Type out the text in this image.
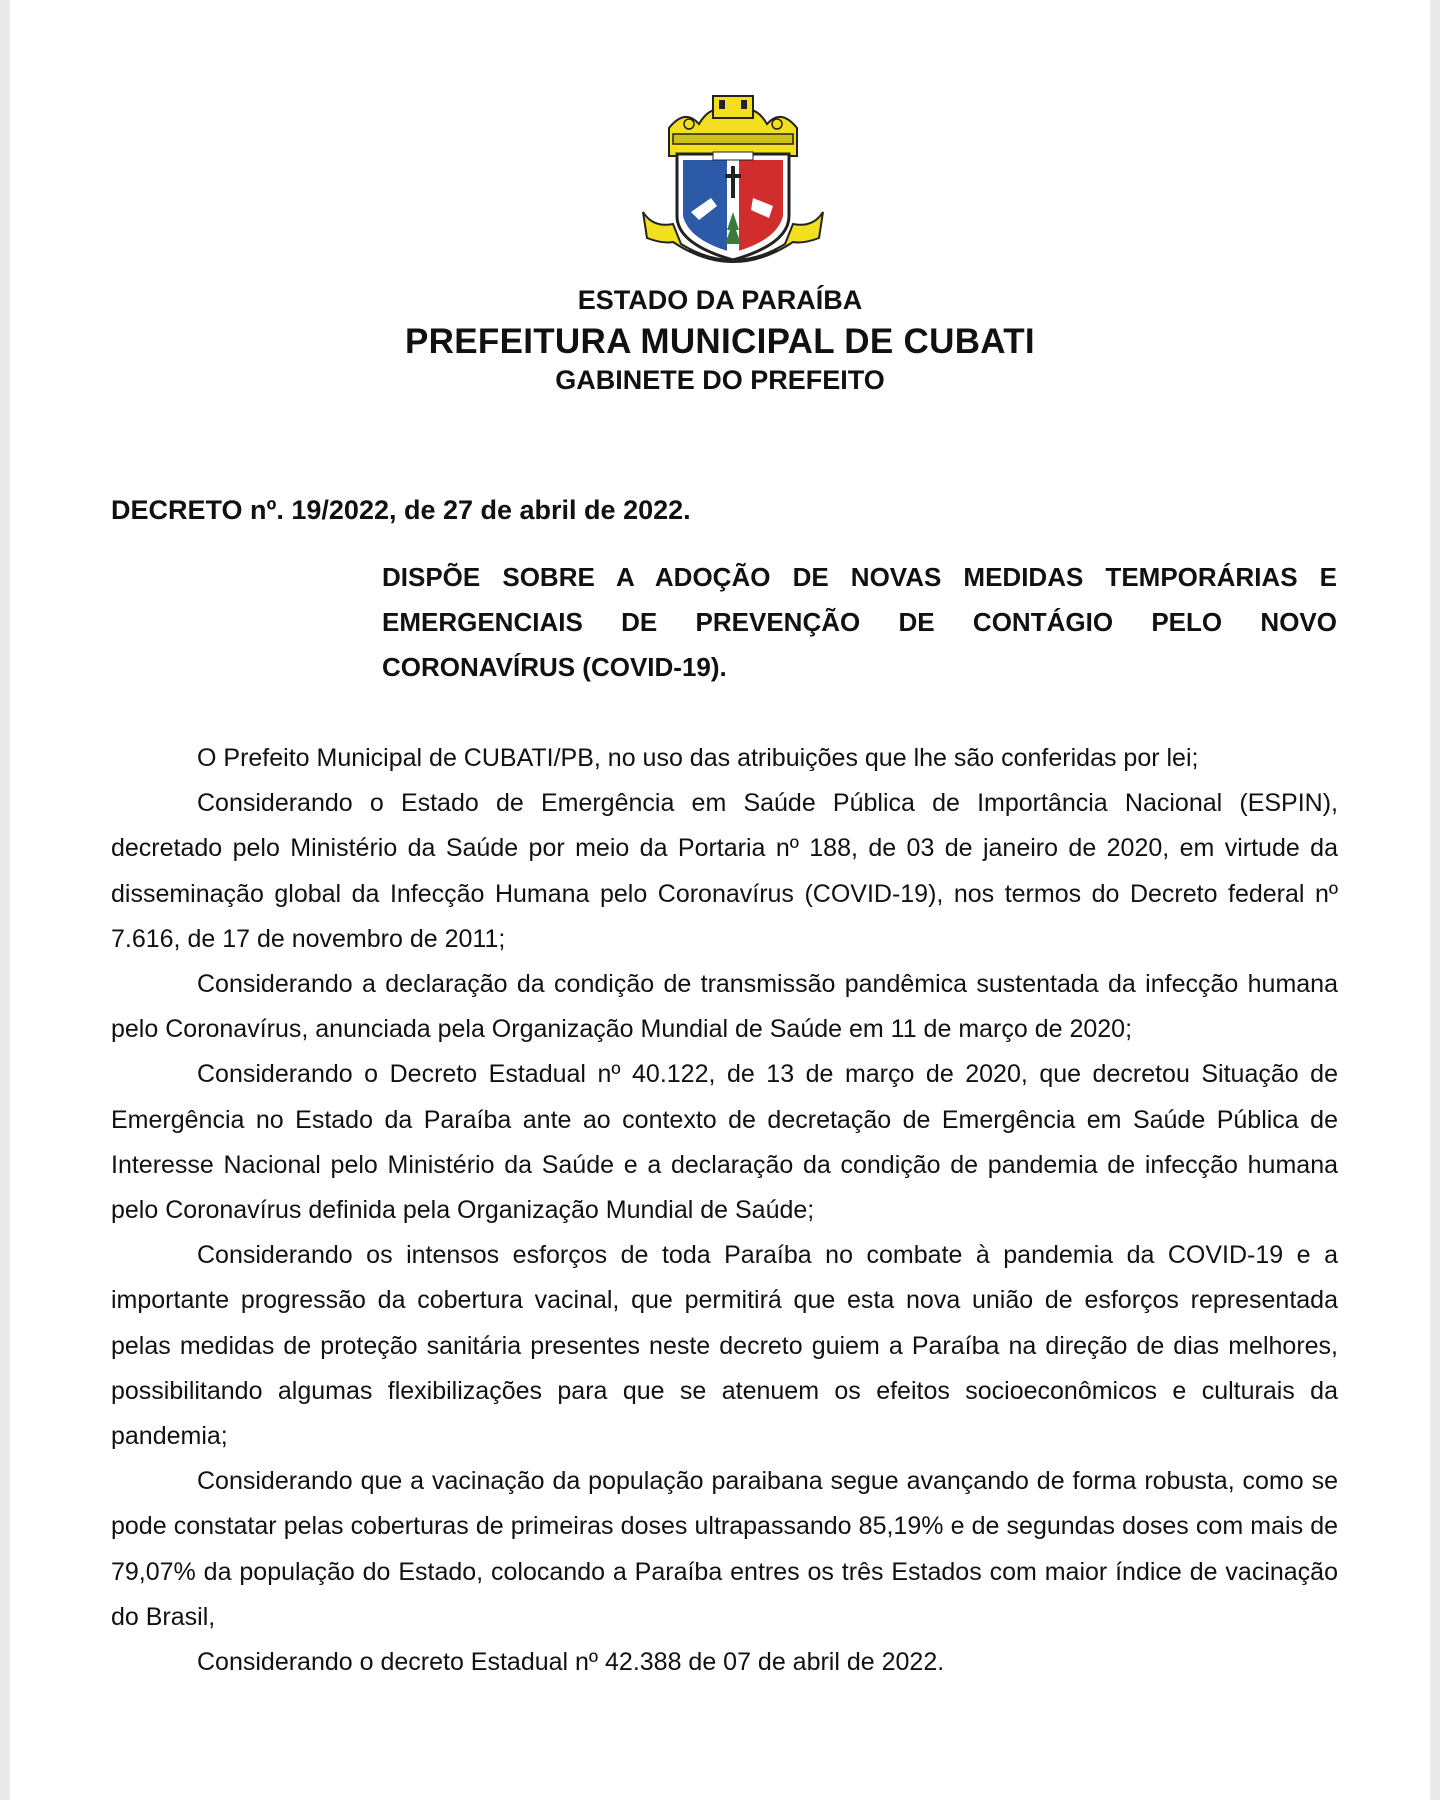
ESTADO DA PARAÍBA

PREFEITURA MUNICIPAL DE CUBATI

GABINETE DO PREFEITO

DECRETO nº. 19/2022, de 27 de abril de 2022.

DISPÕE SOBRE A ADOÇÃO DE NOVAS MEDIDAS TEMPORÁRIAS E EMERGENCIAIS DE PREVENÇÃO DE CONTÁGIO PELO NOVO CORONAVÍRUS (COVID-19).

O Prefeito Municipal de CUBATI/PB, no uso das atribuições que lhe são conferidas por lei;

Considerando o Estado de Emergência em Saúde Pública de Importância Nacional (ESPIN), decretado pelo Ministério da Saúde por meio da Portaria nº 188, de 03 de janeiro de 2020, em virtude da disseminação global da Infecção Humana pelo Coronavírus (COVID-19), nos termos do Decreto federal nº 7.616, de 17 de novembro de 2011;

Considerando a declaração da condição de transmissão pandêmica sustentada da infecção humana pelo Coronavírus, anunciada pela Organização Mundial de Saúde em 11 de março de 2020;

Considerando o Decreto Estadual nº 40.122, de 13 de março de 2020, que decretou Situação de Emergência no Estado da Paraíba ante ao contexto de decretação de Emergência em Saúde Pública de Interesse Nacional pelo Ministério da Saúde e a declaração da condição de pandemia de infecção humana pelo Coronavírus definida pela Organização Mundial de Saúde;

Considerando os intensos esforços de toda Paraíba no combate à pandemia da COVID-19 e a importante progressão da cobertura vacinal, que permitirá que esta nova união de esforços representada pelas medidas de proteção sanitária presentes neste decreto guiem a Paraíba na direção de dias melhores, possibilitando algumas flexibilizações para que se atenuem os efeitos socioeconômicos e culturais da pandemia;

Considerando que a vacinação da população paraibana segue avançando de forma robusta, como se pode constatar pelas coberturas de primeiras doses ultrapassando 85,19% e de segundas doses com mais de 79,07% da população do Estado, colocando a Paraíba entres os três Estados com maior índice de vacinação do Brasil,

Considerando o decreto Estadual nº 42.388 de 07 de abril de 2022.
